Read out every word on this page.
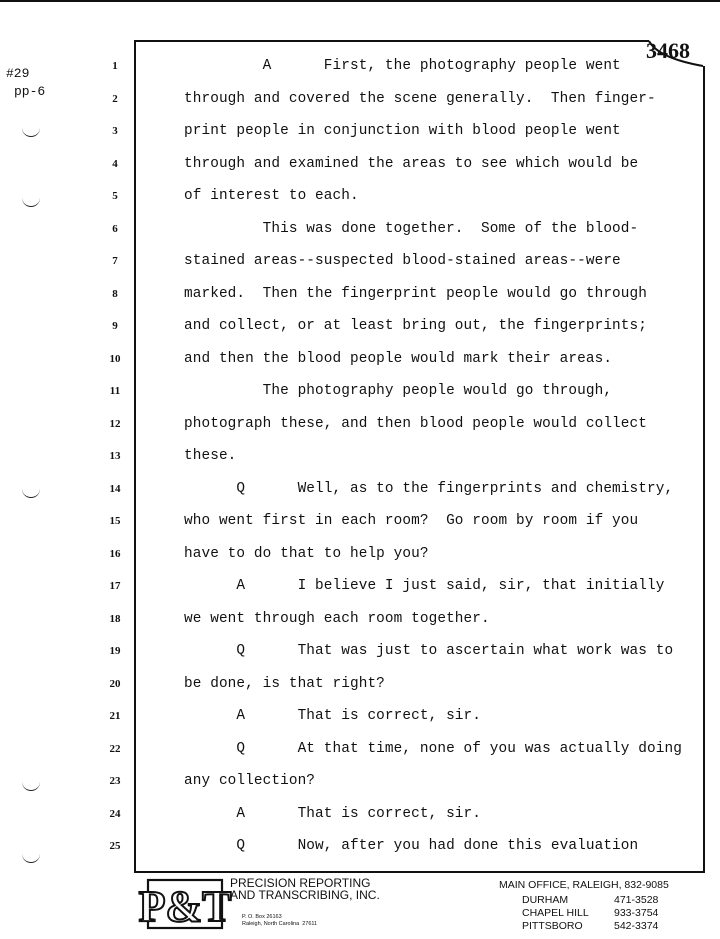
#29
pp-6
3468
1	A      First, the photography people went
2	through and covered the scene generally.  Then finger-
3	print people in conjunction with blood people went
4	through and examined the areas to see which would be
5	of interest to each.
6	This was done together.  Some of the blood-
7	stained areas--suspected blood-stained areas--were
8	marked.  Then the fingerprint people would go through
9	and collect, or at least bring out, the fingerprints;
10	and then the blood people would mark their areas.
11	The photography people would go through,
12	photograph these, and then blood people would collect
13	these.
14	Q      Well, as to the fingerprints and chemistry,
15	who went first in each room?  Go room by room if you
16	have to do that to help you?
17	A      I believe I just said, sir, that initially
18	we went through each room together.
19	Q      That was just to ascertain what work was to
20	be done, is that right?
21	A      That is correct, sir.
22	Q      At that time, none of you was actually doing
23	any collection?
24	A      That is correct, sir.
25	Q      Now, after you had done this evaluation
P&T
PRECISION REPORTING
AND TRANSCRIBING, INC.
P. O. Box 26163
Raleigh, North Carolina  27611
MAIN OFFICE, RALEIGH, 832-9085
DURHAM	471-3528
CHAPEL HILL 933-3754
PITTSBORO	542-3374
